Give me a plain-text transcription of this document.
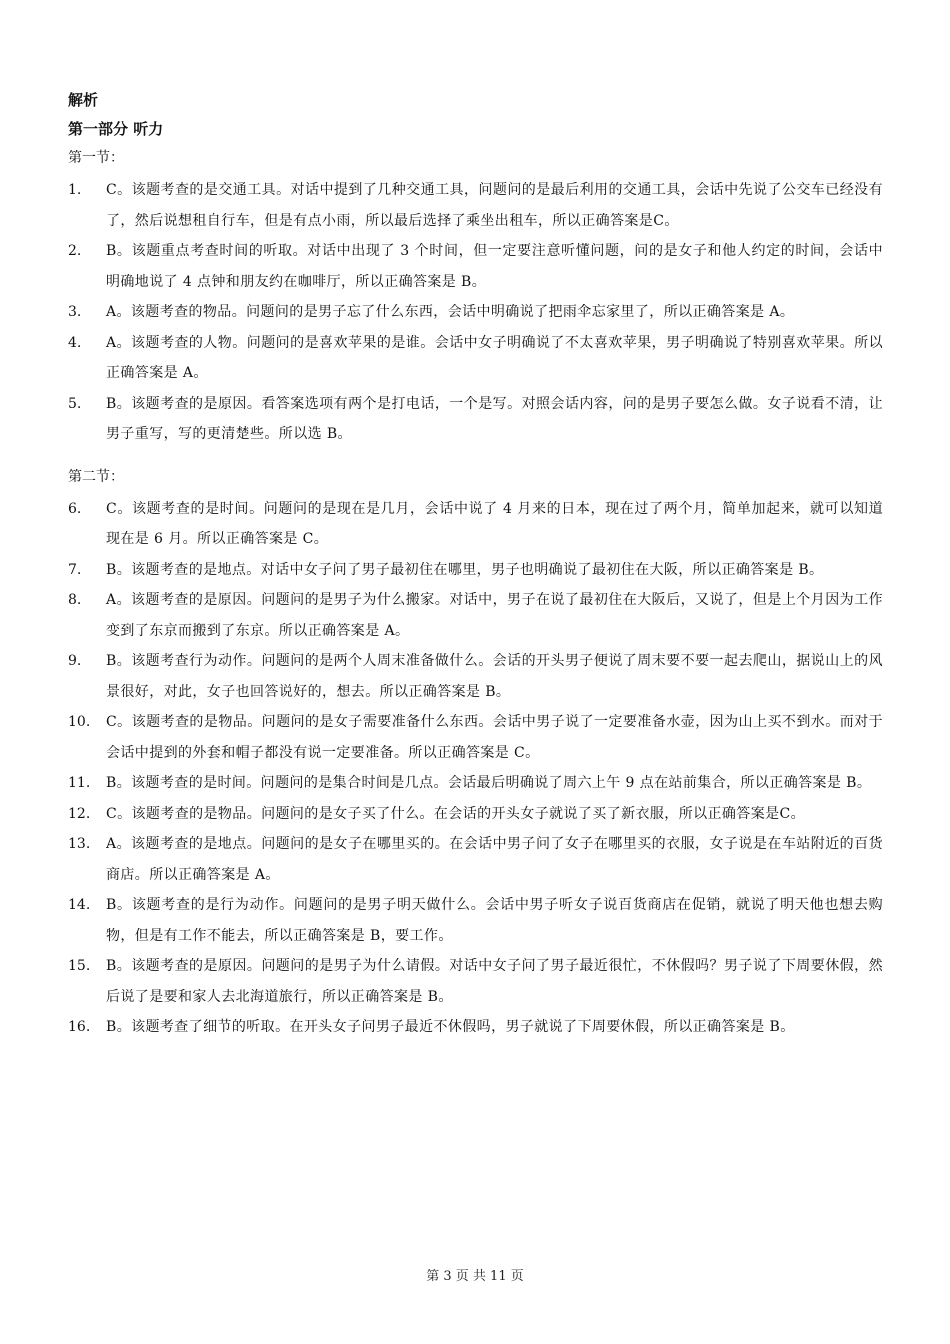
解析
第一部分 听力
第一节：
1.	C。该题考查的是交通工具。对话中提到了几种交通工具，问题问的是最后利用的交通工具，会话中先说了公交车已经没有了，然后说想租自行车，但是有点小雨，所以最后选择了乘坐出租车，所以正确答案是C。
2.	B。该题重点考查时间的听取。对话中出现了 3 个时间，但一定要注意听懂问题，问的是女子和他人约定的时间，会话中明确地说了 4 点钟和朋友约在咖啡厅，所以正确答案是 B。
3.	A。该题考查的物品。问题问的是男子忘了什么东西，会话中明确说了把雨伞忘家里了，所以正确答案是 A。
4.	A。该题考查的人物。问题问的是喜欢苹果的是谁。会话中女子明确说了不太喜欢苹果，男子明确说了特别喜欢苹果。所以正确答案是 A。
5.	B。该题考查的是原因。看答案选项有两个是打电话，一个是写。对照会话内容，问的是男子要怎么做。女子说看不清，让男子重写，写的更清楚些。所以选 B。
第二节：
6.	C。该题考查的是时间。问题问的是现在是几月，会话中说了 4 月来的日本，现在过了两个月，简单加起来，就可以知道现在是 6 月。所以正确答案是 C。
7.	B。该题考查的是地点。对话中女子问了男子最初住在哪里，男子也明确说了最初住在大阪，所以正确答案是 B。
8.	A。该题考查的是原因。问题问的是男子为什么搬家。对话中，男子在说了最初住在大阪后，又说了，但是上个月因为工作变到了东京而搬到了东京。所以正确答案是 A。
9.	B。该题考查行为动作。问题问的是两个人周末准备做什么。会话的开头男子便说了周末要不要一起去爬山，据说山上的风景很好，对此，女子也回答说好的，想去。所以正确答案是 B。
10.	C。该题考查的是物品。问题问的是女子需要准备什么东西。会话中男子说了一定要准备水壶，因为山上买不到水。而对于会话中提到的外套和帽子都没有说一定要准备。所以正确答案是 C。
11.	B。该题考查的是时间。问题问的是集合时间是几点。会话最后明确说了周六上午 9 点在站前集合，所以正确答案是 B。
12.	C。该题考查的是物品。问题问的是女子买了什么。在会话的开头女子就说了买了新衣服，所以正确答案是C。
13.	A。该题考查的是地点。问题问的是女子在哪里买的。在会话中男子问了女子在哪里买的衣服，女子说是在车站附近的百货商店。所以正确答案是 A。
14.	B。该题考查的是行为动作。问题问的是男子明天做什么。会话中男子听女子说百货商店在促销，就说了明天他也想去购物，但是有工作不能去，所以正确答案是 B，要工作。
15.	B。该题考查的是原因。问题问的是男子为什么请假。对话中女子问了男子最近很忙，不休假吗？男子说了下周要休假，然后说了是要和家人去北海道旅行，所以正确答案是 B。
16.	B。该题考查了细节的听取。在开头女子问男子最近不休假吗，男子就说了下周要休假，所以正确答案是 B。
第 3 页 共 11 页
